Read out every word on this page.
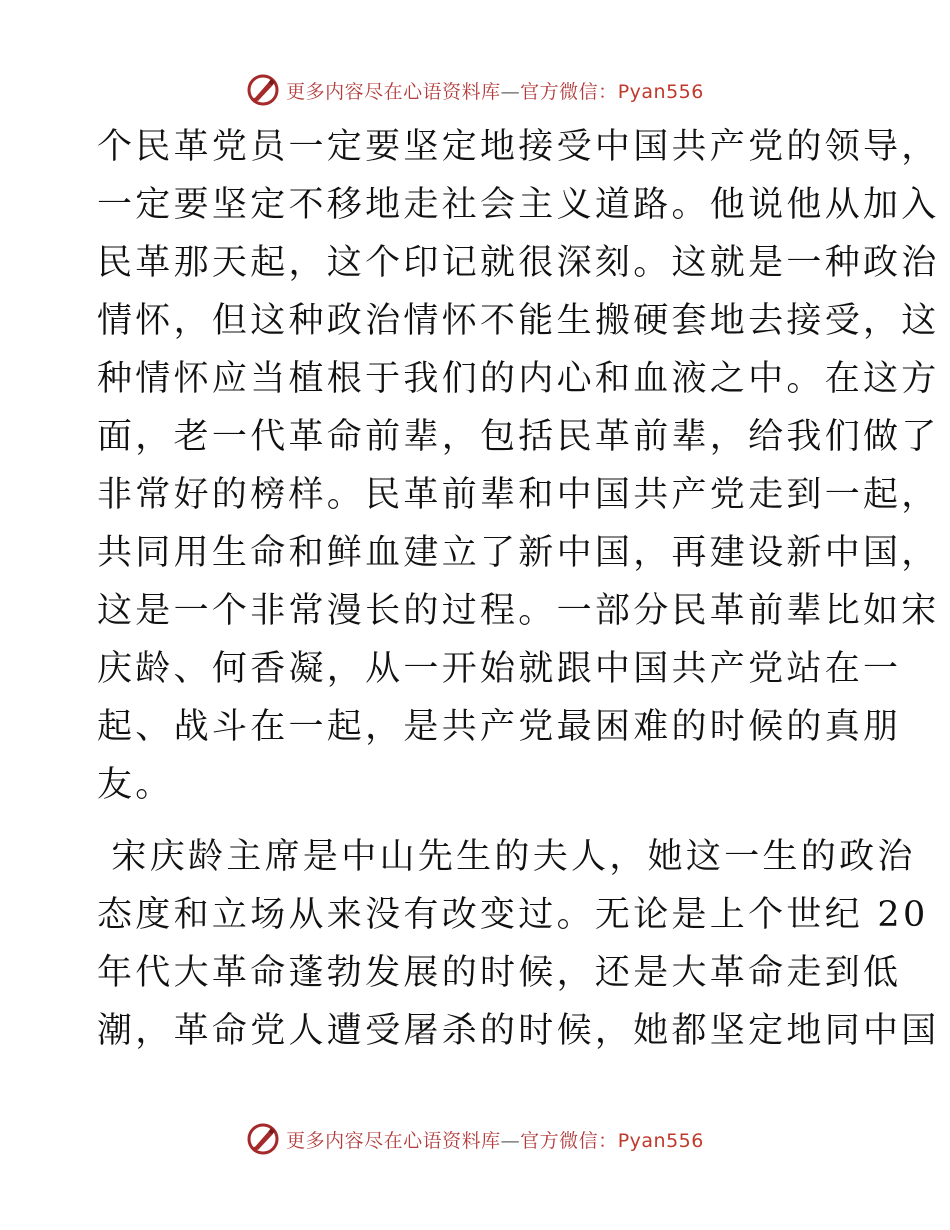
更多内容尽在心语资料库—官方微信：Pyan556
个民革党员一定要坚定地接受中国共产党的领导，
一定要坚定不移地走社会主义道路。他说他从加入
民革那天起，这个印记就很深刻。这就是一种政治
情怀，但这种政治情怀不能生搬硬套地去接受，这
种情怀应当植根于我们的内心和血液之中。在这方
面，老一代革命前辈，包括民革前辈，给我们做了
非常好的榜样。民革前辈和中国共产党走到一起，
共同用生命和鲜血建立了新中国，再建设新中国，
这是一个非常漫长的过程。一部分民革前辈比如宋
庆龄、何香凝，从一开始就跟中国共产党站在一
起、战斗在一起，是共产党最困难的时候的真朋
友。
宋庆龄主席是中山先生的夫人，她这一生的政治
态度和立场从来没有改变过。无论是上个世纪 20
年代大革命蓬勃发展的时候，还是大革命走到低
潮，革命党人遭受屠杀的时候，她都坚定地同中国
更多内容尽在心语资料库—官方微信：Pyan556
